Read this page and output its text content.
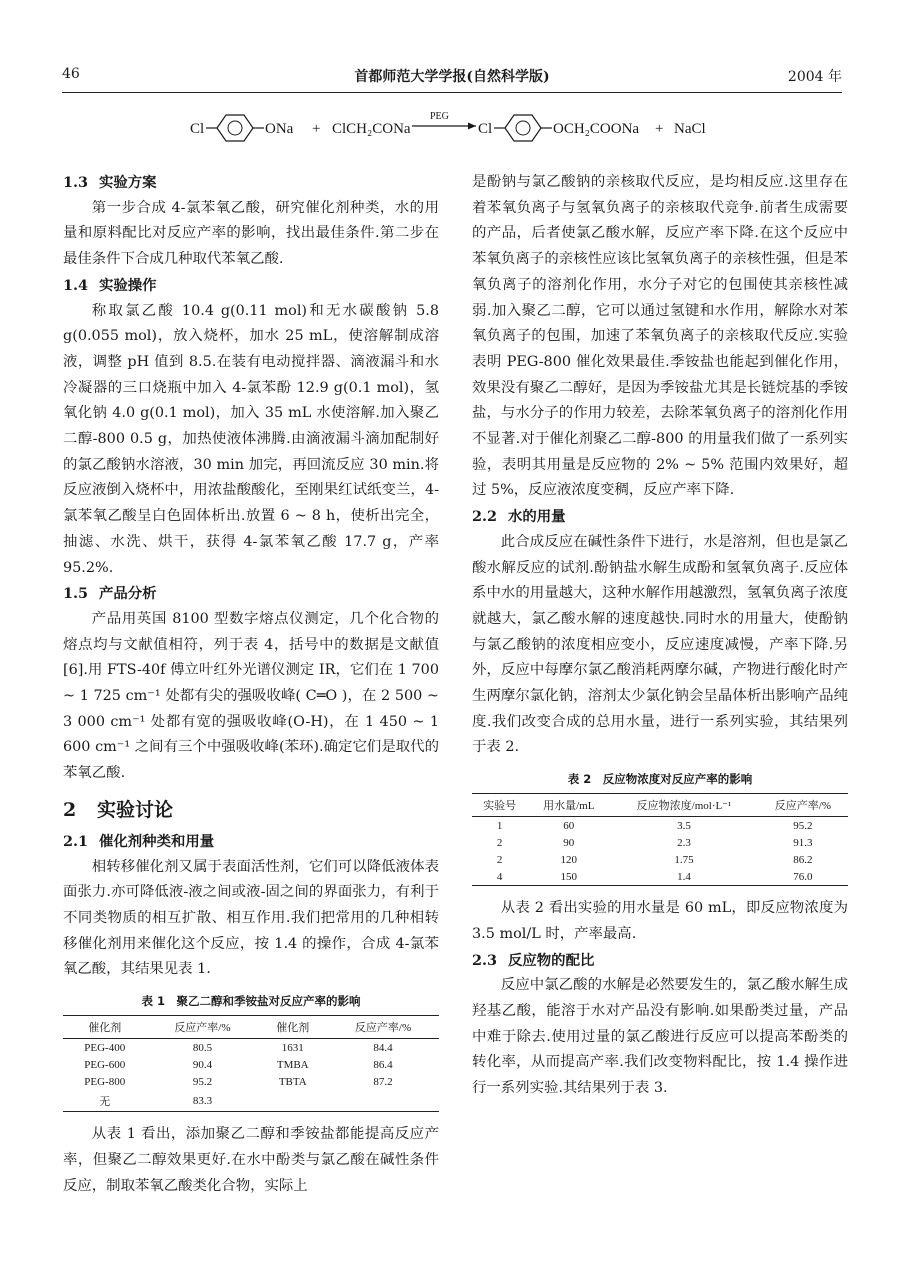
46	首都师范大学学报(自然科学版)	2004 年
Cl	ONa + ClCH₂CONa
PEG
Cl	OCH₂COONa + NaCl
1.3 实验方案

第一步合成 4-氯苯氧乙酸，研究催化剂种类，水的用量和原料配比对反应产率的影响，找出最佳条件.第二步在最佳条件下合成几种取代苯氧乙酸.

1.4 实验操作

称取氯乙酸 10.4 g(0.11 mol)和无水碳酸钠 5.8 g(0.055 mol)，放入烧杯，加水 25 mL，使溶解制成溶液，调整 pH 值到 8.5.在装有电动搅拌器、滴液漏斗和水冷凝器的三口烧瓶中加入 4-氯苯酚 12.9 g(0.1 mol)，氢氧化钠 4.0 g(0.1 mol)，加入 35 mL 水使溶解.加入聚乙二醇-800 0.5 g，加热使液体沸腾.由滴液漏斗滴加配制好的氯乙酸钠水溶液，30 min 加完，再回流反应 30 min.将反应液倒入烧杯中，用浓盐酸酸化，至刚果红试纸变兰，4-氯苯氧乙酸呈白色固体析出.放置 6 ~ 8 h，使析出完全，抽滤、水洗、烘干，获得 4-氯苯氧乙酸 17.7 g，产率 95.2%.

1.5 产品分析

产品用英国 8100 型数字熔点仪测定，几个化合物的熔点均与文献值相符，列于表 4，括号中的数据是文献值[6].用 FTS-40f 傅立叶红外光谱仪测定 IR，它们在 1 700 ~ 1 725 cm⁻¹ 处都有尖的强吸收峰( C═O )，在 2 500 ~ 3 000 cm⁻¹ 处都有宽的强吸收峰(O-H)，在 1 450 ~ 1 600 cm⁻¹ 之间有三个中强吸收峰(苯环).确定它们是取代的苯氧乙酸.

2 实验讨论
2.1 催化剂种类和用量

相转移催化剂又属于表面活性剂，它们可以降低液体表面张力.亦可降低液-液之间或液-固之间的界面张力，有利于不同类物质的相互扩散、相互作用.我们把常用的几种相转移催化剂用来催化这个反应，按 1.4 的操作，合成 4-氯苯氧乙酸，其结果见表 1.

表 1　聚乙二醇和季铵盐对反应产率的影响
催化剂	反应产率/%	催化剂	反应产率/%
PEG-400	80.5	1631	84.4
PEG-600	90.4	TMBA	86.4
PEG-800	95.2	TBTA	87.2
无	83.3		

从表 1 看出，添加聚乙二醇和季铵盐都能提高反应产率，但聚乙二醇效果更好.在水中酚类与氯乙酸在碱性条件反应，制取苯氧乙酸类化合物，实际上

是酚钠与氯乙酸钠的亲核取代反应，是均相反应.这里存在着苯氧负离子与氢氧负离子的亲核取代竞争.前者生成需要的产品，后者使氯乙酸水解，反应产率下降.在这个反应中苯氧负离子的亲核性应该比氢氧负离子的亲核性强，但是苯氧负离子的溶剂化作用，水分子对它的包围使其亲核性减弱.加入聚乙二醇，它可以通过氢键和水作用，解除水对苯氧负离子的包围，加速了苯氧负离子的亲核取代反应.实验表明 PEG-800 催化效果最佳.季铵盐也能起到催化作用，效果没有聚乙二醇好，是因为季铵盐尤其是长链烷基的季铵盐，与水分子的作用力较差，去除苯氧负离子的溶剂化作用不显著.对于催化剂聚乙二醇-800 的用量我们做了一系列实验，表明其用量是反应物的 2% ~ 5% 范围内效果好，超过 5%，反应液浓度变稠，反应产率下降.

2.2 水的用量

此合成反应在碱性条件下进行，水是溶剂，但也是氯乙酸水解反应的试剂.酚钠盐水解生成酚和氢氧负离子.反应体系中水的用量越大，这种水解作用越激烈，氢氧负离子浓度就越大，氯乙酸水解的速度越快.同时水的用量大，使酚钠与氯乙酸钠的浓度相应变小，反应速度减慢，产率下降.另外，反应中每摩尔氯乙酸消耗两摩尔碱，产物进行酸化时产生两摩尔氯化钠，溶剂太少氯化钠会呈晶体析出影响产品纯度.我们改变合成的总用水量，进行一系列实验，其结果列于表 2.

表 2　反应物浓度对反应产率的影响
实验号	用水量/mL	反应物浓度/mol·L⁻¹	反应产率/%
1	60	3.5	95.2
2	90	2.3	91.3
2	120	1.75	86.2
4	150	1.4	76.0

从表 2 看出实验的用水量是 60 mL，即反应物浓度为 3.5 mol/L 时，产率最高.

2.3 反应物的配比

反应中氯乙酸的水解是必然要发生的，氯乙酸水解生成羟基乙酸，能溶于水对产品没有影响.如果酚类过量，产品中难于除去.使用过量的氯乙酸进行反应可以提高苯酚类的转化率，从而提高产率.我们改变物料配比，按 1.4 操作进行一系列实验.其结果列于表 3.
